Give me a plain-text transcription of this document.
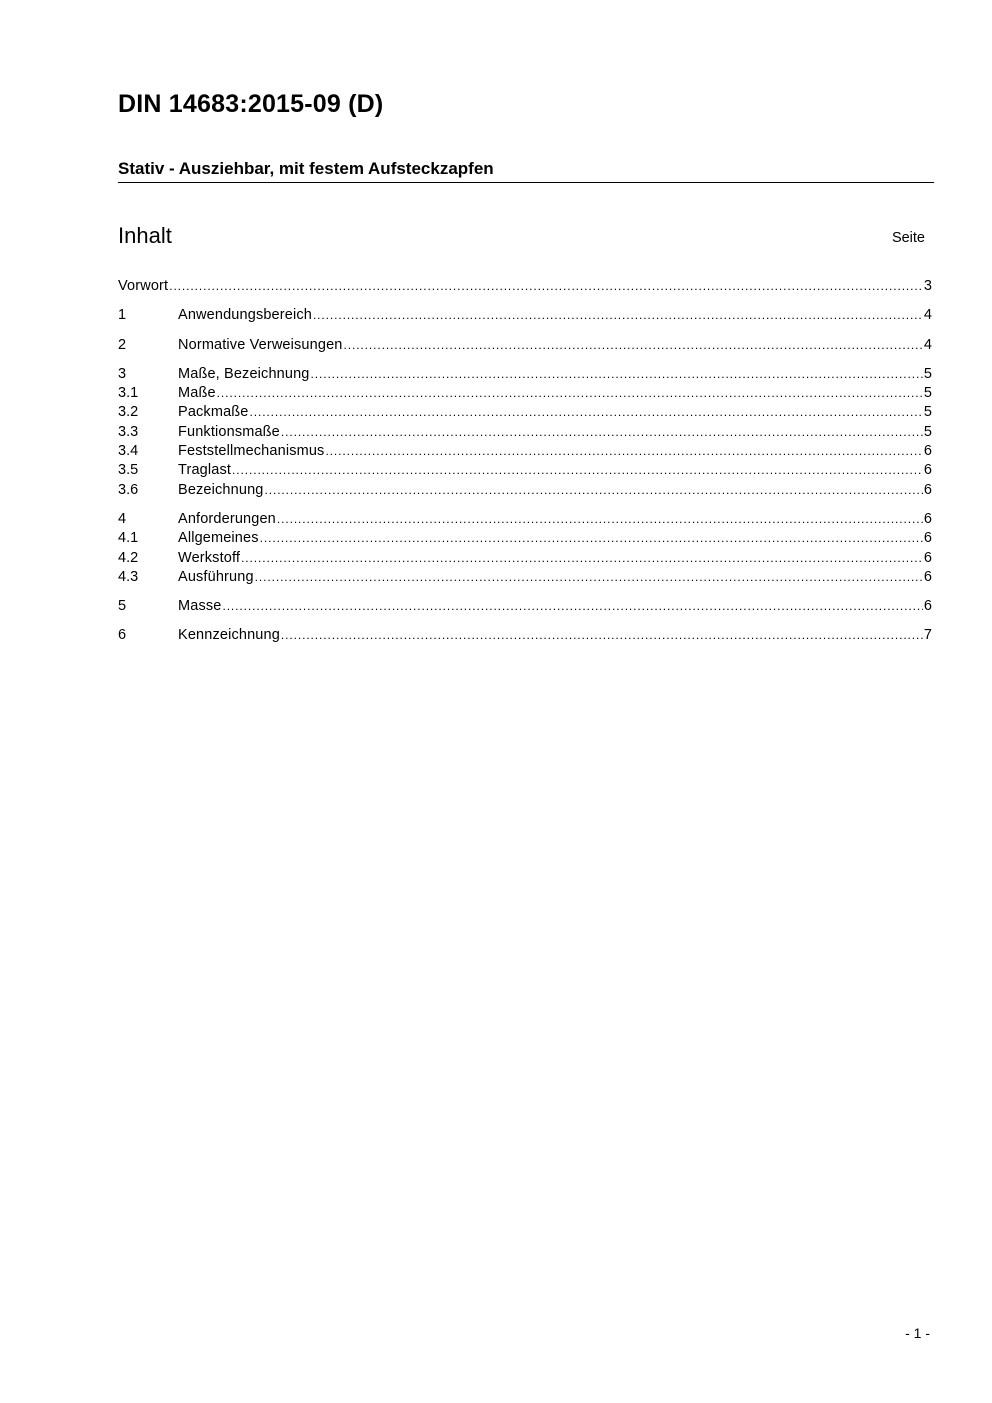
DIN 14683:2015-09 (D)
Stativ - Ausziehbar, mit festem Aufsteckzapfen
Inhalt	Seite
Vorwort .....	3
1	Anwendungsbereich .....	4
2	Normative Verweisungen .....	4
3	Maße, Bezeichnung .....	5
3.1	Maße .....	5
3.2	Packmaße .....	5
3.3	Funktionsmaße .....	5
3.4	Feststellmechanismus .....	6
3.5	Traglast .....	6
3.6	Bezeichnung .....	6
4	Anforderungen .....	6
4.1	Allgemeines .....	6
4.2	Werkstoff .....	6
4.3	Ausführung .....	6
5	Masse .....	6
6	Kennzeichnung .....	7
- 1 -
